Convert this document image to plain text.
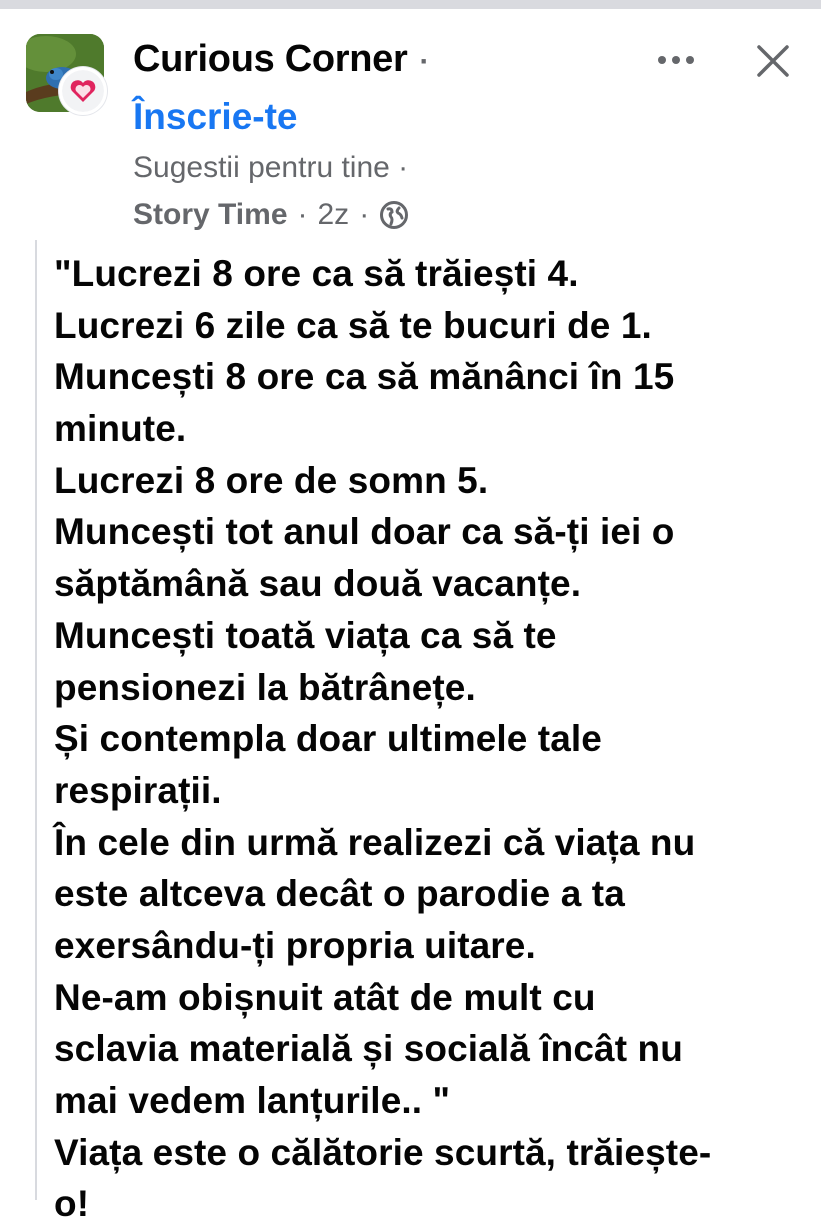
Curious Corner ·
Înscrie-te
Sugestii pentru tine ·
Story Time · 2z ·
"Lucrezi 8 ore ca să trăiești 4.
Lucrezi 6 zile ca să te bucuri de 1.
Muncești 8 ore ca să mănânci în 15
minute.
Lucrezi 8 ore de somn 5.
Muncești tot anul doar ca să-ți iei o
săptămână sau două vacanțe.
Muncești toată viața ca să te
pensionezi la bătrânețe.
Și contempla doar ultimele tale
respirații.
În cele din urmă realizezi că viața nu
este altceva decât o parodie a ta
exersându-ți propria uitare.
Ne-am obișnuit atât de mult cu
sclavia materială și socială încât nu
mai vedem lanțurile.. "
Viața este o călătorie scurtă, trăiește-
o!
